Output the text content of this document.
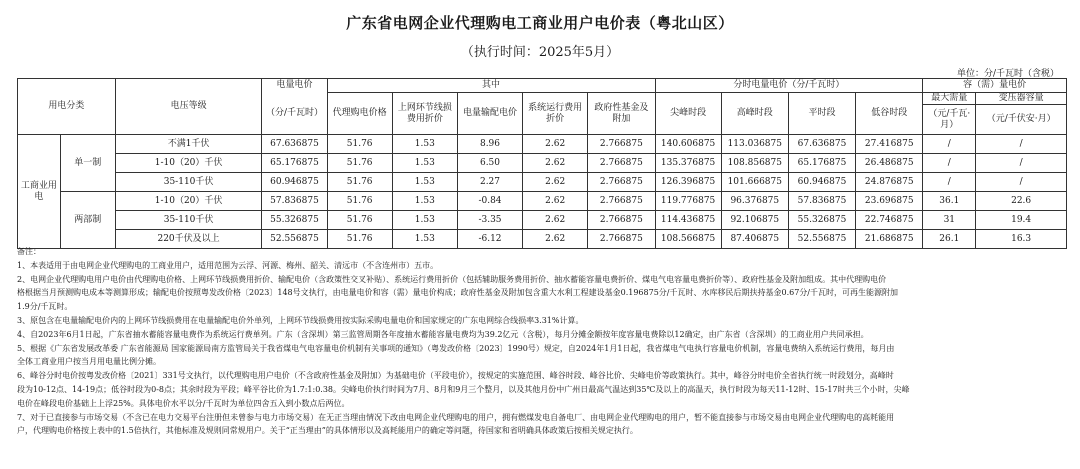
广东省电网企业代理购电工商业用户电价表（粤北山区）
（执行时间：2025年5月）
单位：分/千瓦时（含税）
用电分类		电压等级	电量电价	其中					分时电量电价（分/千瓦时）				容（需）量电价	
			（分/千瓦时）	代理购电价格	上网环节线损费用折价	电量输配电价	系统运行费用折价	政府性基金及附加	尖峰时段	高峰时段	平时段	低谷时段	最大需量	变压器容量
													（元/千瓦·月）	（元/千伏安·月）
工商业用电	单一制	不满1千伏	67.636875	51.76	1.53	8.96	2.62	2.766875	140.606875	113.036875	67.636875	27.416875	/	/
		1-10（20）千伏	65.176875	51.76	1.53	6.50	2.62	2.766875	135.376875	108.856875	65.176875	26.486875	/	/
		35-110千伏	60.946875	51.76	1.53	2.27	2.62	2.766875	126.396875	101.666875	60.946875	24.876875	/	/
	两部制	1-10（20）千伏	57.836875	51.76	1.53	-0.84	2.62	2.766875	119.776875	96.376875	57.836875	23.696875	36.1	22.6
		35-110千伏	55.326875	51.76	1.53	-3.35	2.62	2.766875	114.436875	92.106875	55.326875	22.746875	31	19.4
		220千伏及以上	52.556875	51.76	1.53	-6.12	2.62	2.766875	108.566875	87.406875	52.556875	21.686875	26.1	16.3

备注：

1、本表适用于由电网企业代理购电的工商业用户，适用范围为云浮、河源、梅州、韶关、清远市（不含连州市）五市。

2、电网企业代理购电用户电价由代理购电价格、上网环节线损费用折价、输配电价（含政策性交叉补贴）、系统运行费用折价（包括辅助服务费用折价、抽水蓄能容量电费折价、煤电气电容量电费折价等）、政府性基金及附加组成。其中代理购电价

格根据当月预测购电成本等测算形成；输配电价按照粤发改价格〔2023〕148号文执行，由电量电价和容（需）量电价构成；政府性基金及附加包含重大水利工程建设基金0.196875分/千瓦时、水库移民后期扶持基金0.67分/千瓦时，可再生能源附加

1.9分/千瓦时。

3、原包含在电量输配电价内的上网环节线损费用在电量输配电价外单列，上网环节线损费用按实际采购电量电价和国家规定的广东电网综合线损率3.31%计算。

4、自2023年6月1日起，广东省抽水蓄能容量电费作为系统运行费单列。广东（含深圳）第三监管周期各年度抽水蓄能容量电费均为39.2亿元（含税），每月分摊金额按年度容量电费除以12确定，由广东省（含深圳）的工商业用户共同承担。

5、根据《广东省发展改革委 广东省能源局 国家能源局南方监管局关于我省煤电气电容量电价机制有关事项的通知》（粤发改价格〔2023〕1990号）规定，自2024年1月1日起，我省煤电气电执行容量电价机制，容量电费纳入系统运行费用，每月由

全体工商业用户按当月用电量比例分摊。

6、峰谷分时电价按粤发改价格〔2021〕331号文执行，以代理购电用户电价（不含政府性基金及附加）为基础电价（平段电价），按规定的实施范围、峰谷时段、峰谷比价、尖峰电价等政策执行。其中，峰谷分时电价全省执行统一时段划分，高峰时

段为10-12点、14-19点；低谷时段为0-8点；其余时段为平段；峰平谷比价为1.7:1:0.38。尖峰电价执行时间为7月、8月和9月三个整月，以及其他月份中广州日最高气温达到35℃及以上的高温天，执行时段为每天11-12时、15-17时共三个小时，尖峰

电价在峰段电价基础上上浮25%。具体电价水平以分/千瓦时为单位四舍五入到小数点后两位。

7、对于已直接参与市场交易（不含已在电力交易平台注册但未曾参与电力市场交易）在无正当理由情况下改由电网企业代理购电的用户，拥有燃煤发电自备电厂、由电网企业代理购电的用户，暂不能直接参与市场交易由电网企业代理购电的高耗能用

户，代理购电价格按上表中的1.5倍执行，其他标准及规则同常规用户。关于“正当理由”的具体情形以及高耗能用户的确定等问题，待国家和省明确具体政策后按相关规定执行。
